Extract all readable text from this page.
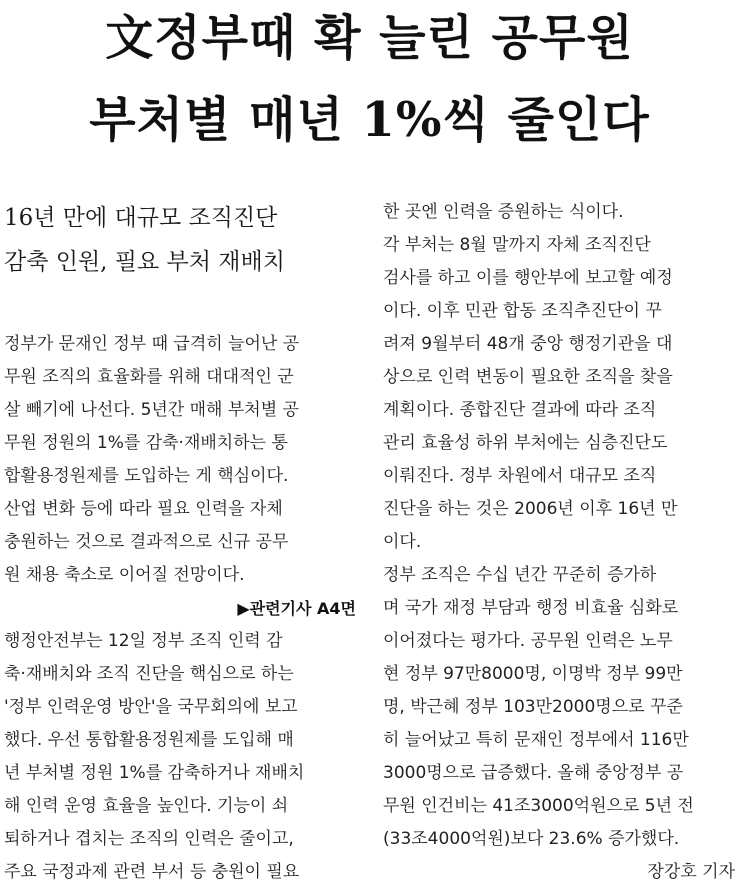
文정부때 확 늘린 공무원
부처별 매년 1%씩 줄인다
16년 만에 대규모 조직진단
감축 인원, 필요 부처 재배치
정부가 문재인 정부 때 급격히 늘어난 공
무원 조직의 효율화를 위해 대대적인 군
살 빼기에 나선다. 5년간 매해 부처별 공
무원 정원의 1%를 감축·재배치하는 통
합활용정원제를 도입하는 게 핵심이다.
산업 변화 등에 따라 필요 인력을 자체
충원하는 것으로 결과적으로 신규 공무
원 채용 축소로 이어질 전망이다.
▶관련기사 A4면
행정안전부는 12일 정부 조직 인력 감
축·재배치와 조직 진단을 핵심으로 하는
'정부 인력운영 방안'을 국무회의에 보고
했다. 우선 통합활용정원제를 도입해 매
년 부처별 정원 1%를 감축하거나 재배치
해 인력 운영 효율을 높인다. 기능이 쇠
퇴하거나 겹치는 조직의 인력은 줄이고,
주요 국정과제 관련 부서 등 충원이 필요
한 곳엔 인력을 증원하는 식이다.
각 부처는 8월 말까지 자체 조직진단
검사를 하고 이를 행안부에 보고할 예정
이다. 이후 민관 합동 조직추진단이 꾸
려져 9월부터 48개 중앙 행정기관을 대
상으로 인력 변동이 필요한 조직을 찾을
계획이다. 종합진단 결과에 따라 조직
관리 효율성 하위 부처에는 심층진단도
이뤄진다. 정부 차원에서 대규모 조직
진단을 하는 것은 2006년 이후 16년 만
이다.
정부 조직은 수십 년간 꾸준히 증가하
며 국가 재정 부담과 행정 비효율 심화로
이어졌다는 평가다. 공무원 인력은 노무
현 정부 97만8000명, 이명박 정부 99만
명, 박근혜 정부 103만2000명으로 꾸준
히 늘어났고 특히 문재인 정부에서 116만
3000명으로 급증했다. 올해 중앙정부 공
무원 인건비는 41조3000억원으로 5년 전
(33조4000억원)보다 23.6% 증가했다.
장강호 기자
